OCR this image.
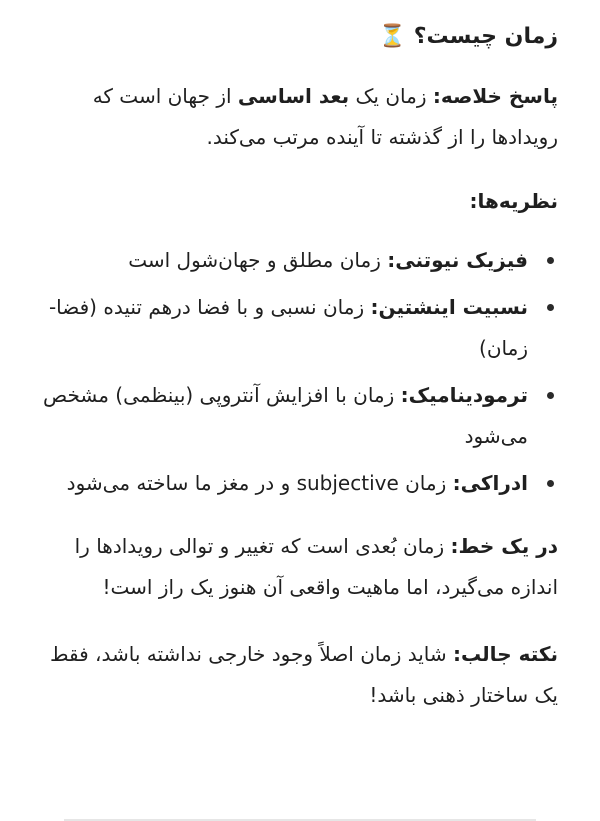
زمان چیست؟ ⏳

پاسخ خلاصه: زمان یک بعد اساسی از جهان است که رویدادها را از گذشته تا آینده مرتب می‌کند.

نظریه‌ها:
فیزیک نیوتنی: زمان مطلق و جهان‌شول است
نسبیت اینشتین: زمان نسبی و با فضا درهم تنیده (فضا-زمان)
ترمودینامیک: زمان با افزایش آنتروپی (بینظمی) مشخص می‌شود
ادراکی: زمان subjective و در مغز ما ساخته می‌شود

در یک خط: زمان بُعدی است که تغییر و توالی رویدادها را اندازه می‌گیرد، اما ماهیت واقعی آن هنوز یک راز است!

نکته جالب: شاید زمان اصلاً وجود خارجی نداشته باشد، فقط یک ساختار ذهنی باشد!
